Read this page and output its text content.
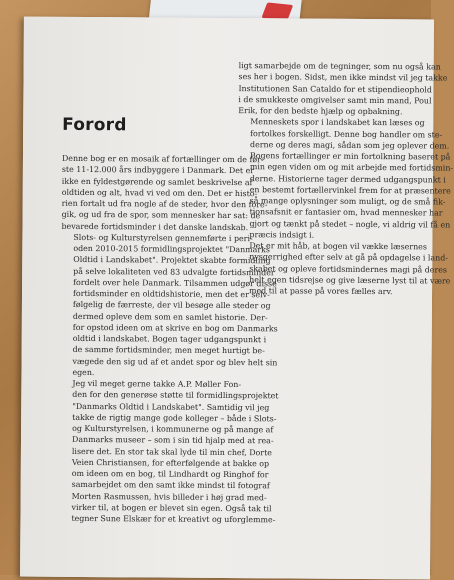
Forord

ligt samarbejde om de tegninger, som nu også kan
ses her i bogen. Sidst, men ikke mindst vil jeg takke
Institutionen San Cataldo for et stipendieophold
i de smukkeste omgivelser samt min mand, Poul
Erik, for den bedste hjælp og opbakning.

Menneskets spor i landskabet kan læses og
fortolkes forskelligt. Denne bog handler om ste-
derne og deres magi, sådan som jeg oplever dem.
Bogens fortællinger er min fortolkning baseret på
min egen viden om og mit arbejde med fortidsmin-
derne. Historierne tager dermed udgangspunkt i
en bestemt fortællervinkel frem for at præsentere
så mange oplysninger som muligt, og de små fik-
tionsafsnit er fantasier om, hvad mennesker har
gjort og tænkt på stedet – nogle, vi aldrig vil få en
præcis indsigt i.

Det er mit håb, at bogen vil vække læsernes
nysgerrighed efter selv at gå på opdagelse i land-
skabet og opleve fortidsmindernes magi på deres
helt egen tidsrejse og give læserne lyst til at være
med til at passe på vores fælles arv.

Denne bog er en mosaik af fortællinger om de før-
ste 11-12.000 års indbyggere i Danmark. Det er
ikke en fyldestgørende og samlet beskrivelse af
oldtiden og alt, hvad vi ved om den. Det er histo-
rien fortalt ud fra nogle af de steder, hvor den fore-
gik, og ud fra de spor, som mennesker har sat: de
bevarede fortidsminder i det danske landskab.

Slots- og Kulturstyrelsen gennemførte i peri-
oden 2010-2015 formidlingsprojektet "Danmarks
Oldtid i Landskabet". Projektet skabte formidling
på selve lokaliteten ved 83 udvalgte fortidsminder
fordelt over hele Danmark. Tilsammen udgør disse
fortidsminder en oldtidshistorie, men det er selv-
følgelig de færreste, der vil besøge alle steder og
dermed opleve dem som en samlet historie. Der-
for opstod ideen om at skrive en bog om Danmarks
oldtid i landskabet. Bogen tager udgangspunkt i
de samme fortidsminder, men meget hurtigt be-
vægede den sig ud af et andet spor og blev helt sin
egen.

Jeg vil meget gerne takke A.P. Møller Fon-
den for den generøse støtte til formidlingsprojektet
"Danmarks Oldtid i Landskabet". Samtidig vil jeg
takke de rigtig mange gode kolleger – både i Slots-
og Kulturstyrelsen, i kommunerne og på mange af
Danmarks museer – som i sin tid hjalp med at rea-
lisere det. En stor tak skal lyde til min chef, Dorte
Veien Christiansen, for efterfølgende at bakke op
om ideen om en bog, til Lindhardt og Ringhof for
samarbejdet om den samt ikke mindst til fotograf
Morten Rasmussen, hvis billeder i høj grad med-
virker til, at bogen er blevet sin egen. Også tak til
tegner Sune Elskær for et kreativt og uforglemme-
